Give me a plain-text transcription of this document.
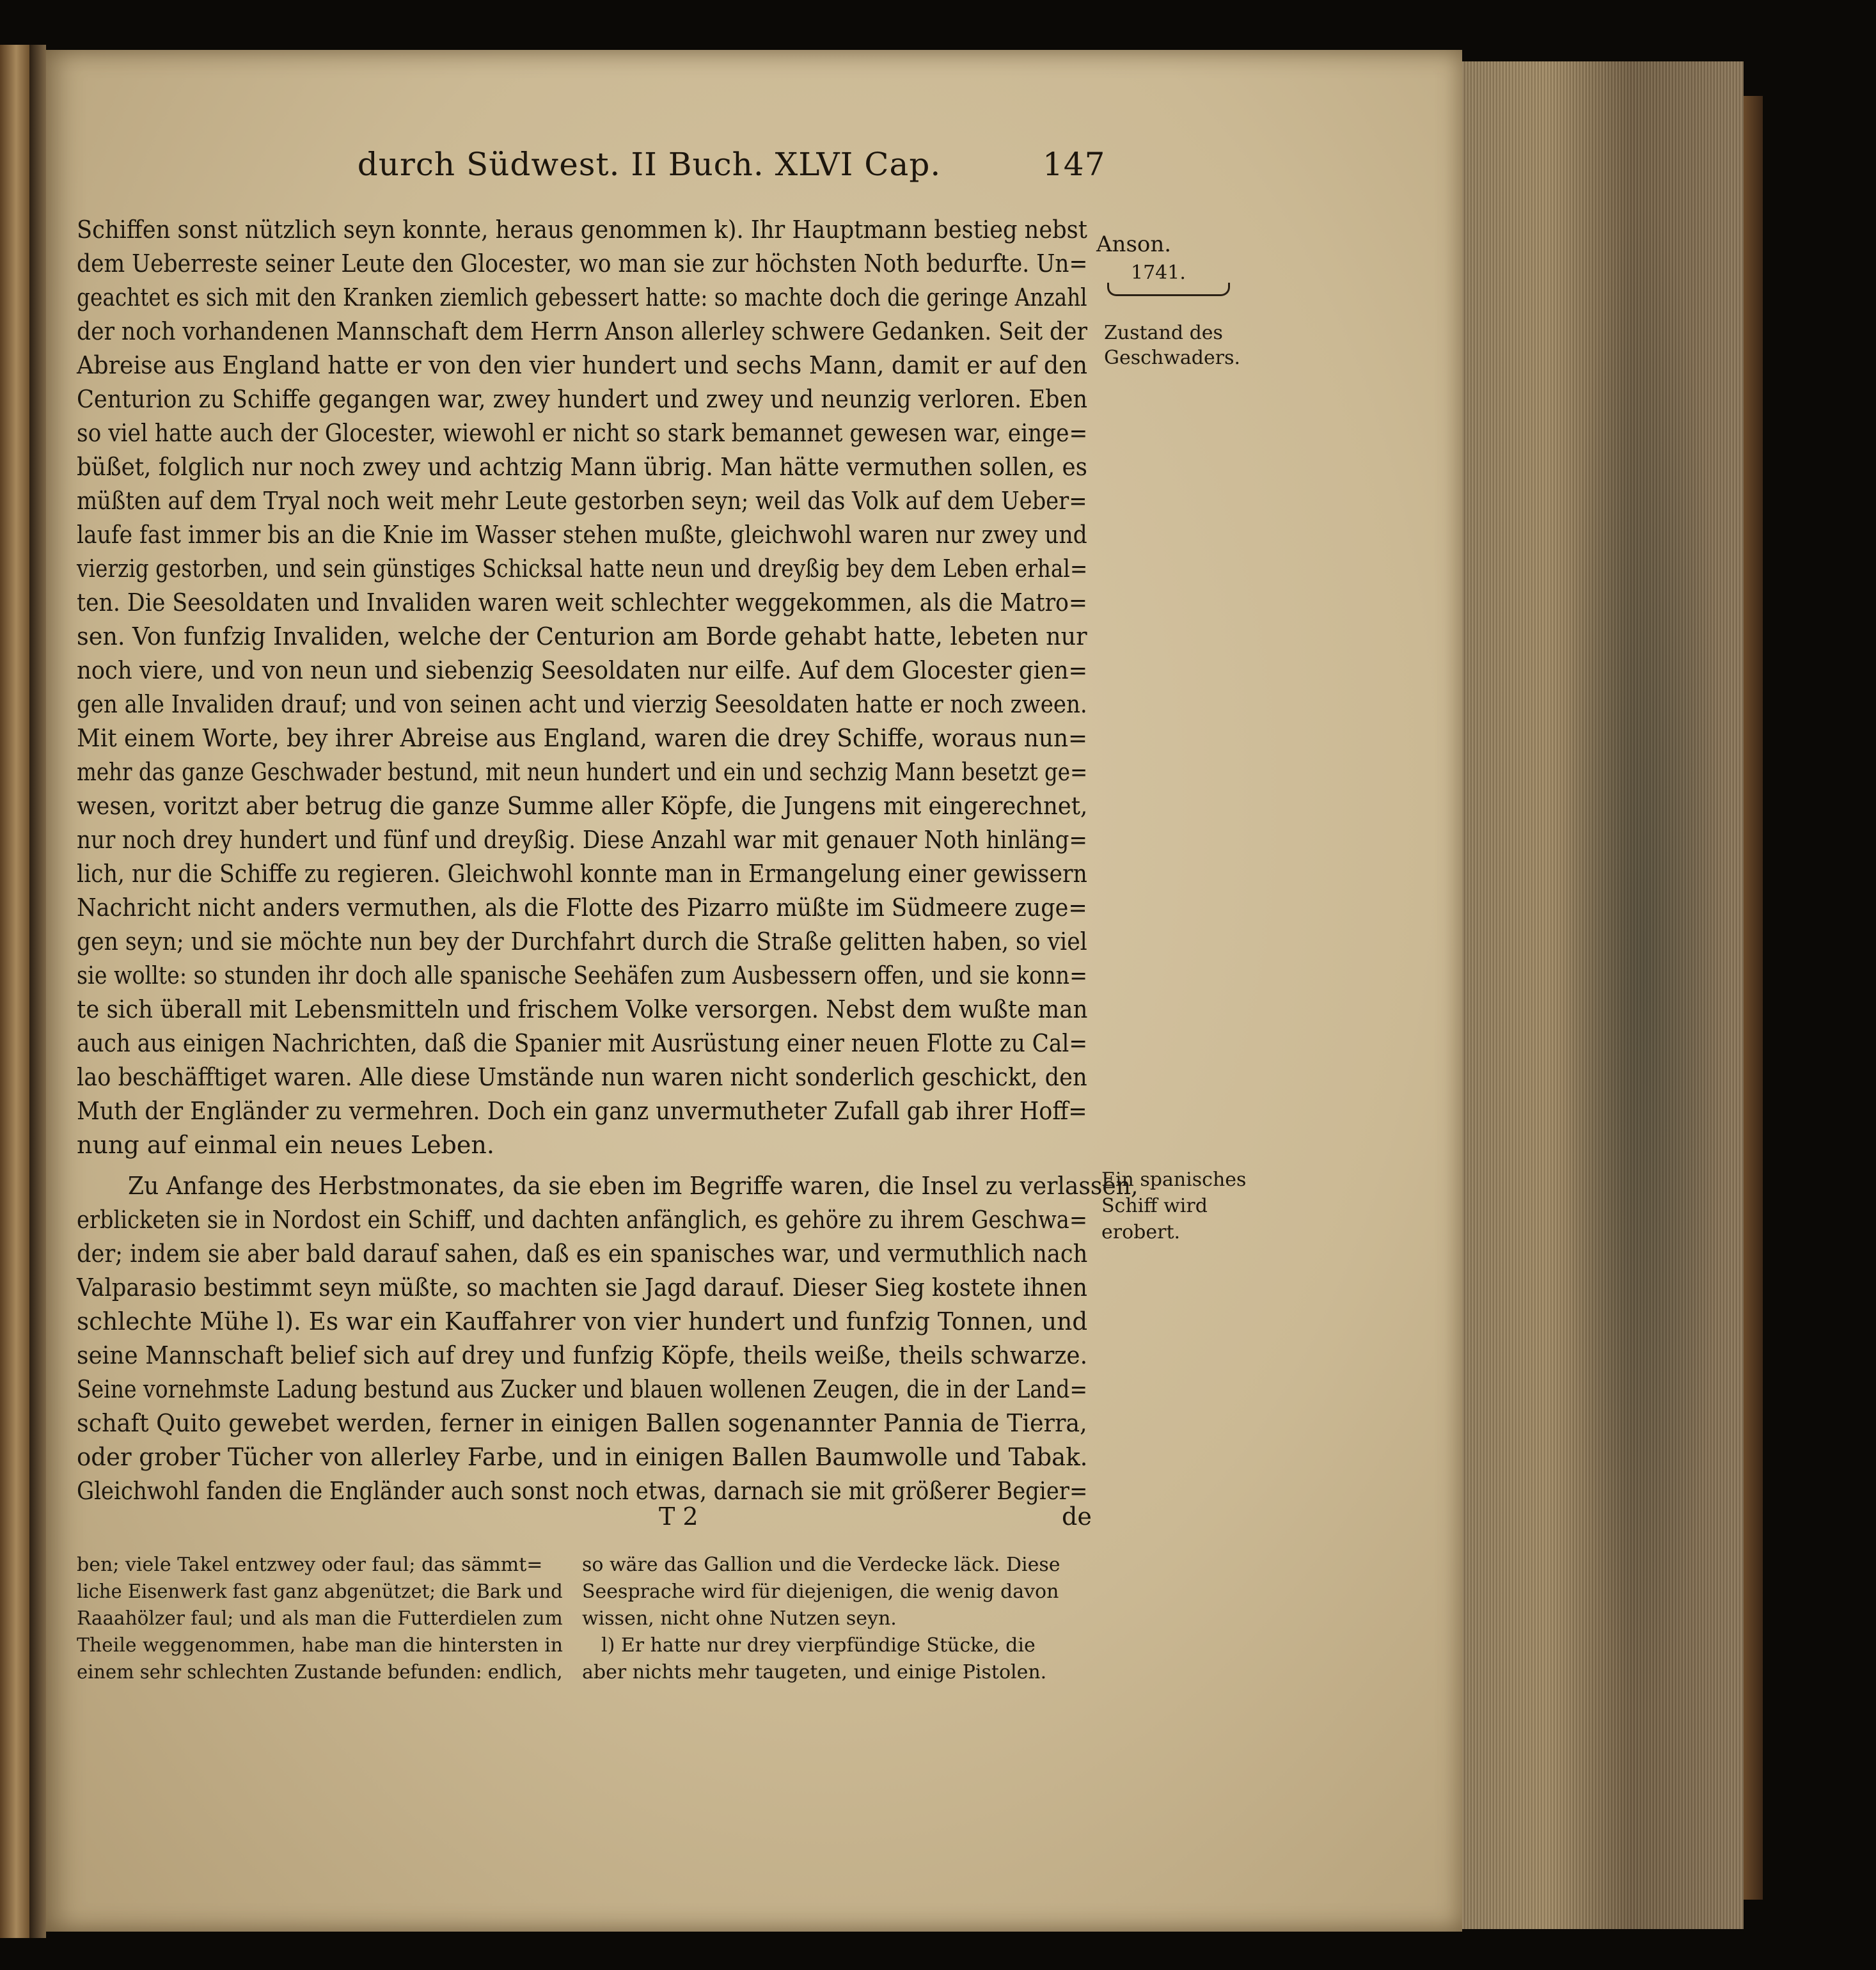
durch Südwest. II Buch. XLVI Cap.	147
Anson.
1741.
Zustand des
Geschwaders.
Ein spanisches
Schiff wird
erobert.
Schiffen sonst nützlich seyn konnte, heraus genommen k). Ihr Hauptmann bestieg nebst
dem Ueberreste seiner Leute den Glocester, wo man sie zur höchsten Noth bedurfte. Un=
geachtet es sich mit den Kranken ziemlich gebessert hatte: so machte doch die geringe Anzahl
der noch vorhandenen Mannschaft dem Herrn Anson allerley schwere Gedanken. Seit der
Abreise aus England hatte er von den vier hundert und sechs Mann, damit er auf den
Centurion zu Schiffe gegangen war, zwey hundert und zwey und neunzig verloren. Eben
so viel hatte auch der Glocester, wiewohl er nicht so stark bemannet gewesen war, einge=
büßet, folglich nur noch zwey und achtzig Mann übrig. Man hätte vermuthen sollen, es
müßten auf dem Tryal noch weit mehr Leute gestorben seyn; weil das Volk auf dem Ueber=
laufe fast immer bis an die Knie im Wasser stehen mußte, gleichwohl waren nur zwey und
vierzig gestorben, und sein günstiges Schicksal hatte neun und dreyßig bey dem Leben erhal=
ten. Die Seesoldaten und Invaliden waren weit schlechter weggekommen, als die Matro=
sen. Von funfzig Invaliden, welche der Centurion am Borde gehabt hatte, lebeten nur
noch viere, und von neun und siebenzig Seesoldaten nur eilfe. Auf dem Glocester gien=
gen alle Invaliden drauf; und von seinen acht und vierzig Seesoldaten hatte er noch zween.
Mit einem Worte, bey ihrer Abreise aus England, waren die drey Schiffe, woraus nun=
mehr das ganze Geschwader bestund, mit neun hundert und ein und sechzig Mann besetzt ge=
wesen, voritzt aber betrug die ganze Summe aller Köpfe, die Jungens mit eingerechnet,
nur noch drey hundert und fünf und dreyßig. Diese Anzahl war mit genauer Noth hinläng=
lich, nur die Schiffe zu regieren. Gleichwohl konnte man in Ermangelung einer gewissern
Nachricht nicht anders vermuthen, als die Flotte des Pizarro müßte im Südmeere zuge=
gen seyn; und sie möchte nun bey der Durchfahrt durch die Straße gelitten haben, so viel
sie wollte: so stunden ihr doch alle spanische Seehäfen zum Ausbessern offen, und sie konn=
te sich überall mit Lebensmitteln und frischem Volke versorgen. Nebst dem wußte man
auch aus einigen Nachrichten, daß die Spanier mit Ausrüstung einer neuen Flotte zu Cal=
lao beschäfftiget waren. Alle diese Umstände nun waren nicht sonderlich geschickt, den
Muth der Engländer zu vermehren. Doch ein ganz unvermutheter Zufall gab ihrer Hoff=
nung auf einmal ein neues Leben.
Zu Anfange des Herbstmonates, da sie eben im Begriffe waren, die Insel zu verlassen,
erblicketen sie in Nordost ein Schiff, und dachten anfänglich, es gehöre zu ihrem Geschwa=
der; indem sie aber bald darauf sahen, daß es ein spanisches war, und vermuthlich nach
Valparasio bestimmt seyn müßte, so machten sie Jagd darauf. Dieser Sieg kostete ihnen
schlechte Mühe l). Es war ein Kauffahrer von vier hundert und funfzig Tonnen, und
seine Mannschaft belief sich auf drey und funfzig Köpfe, theils weiße, theils schwarze.
Seine vornehmste Ladung bestund aus Zucker und blauen wollenen Zeugen, die in der Land=
schaft Quito gewebet werden, ferner in einigen Ballen sogenannter Pannia de Tierra,
oder grober Tücher von allerley Farbe, und in einigen Ballen Baumwolle und Tabak.
Gleichwohl fanden die Engländer auch sonst noch etwas, darnach sie mit größerer Begier=
T 2	de
ben; viele Takel entzwey oder faul; das sämmt=
liche Eisenwerk fast ganz abgenützet; die Bark und
Raaahölzer faul; und als man die Futterdielen zum
Theile weggenommen, habe man die hintersten in
einem sehr schlechten Zustande befunden: endlich,
so wäre das Gallion und die Verdecke läck. Diese
Seesprache wird für diejenigen, die wenig davon
wissen, nicht ohne Nutzen seyn.
l) Er hatte nur drey vierpfündige Stücke, die
aber nichts mehr taugeten, und einige Pistolen.
